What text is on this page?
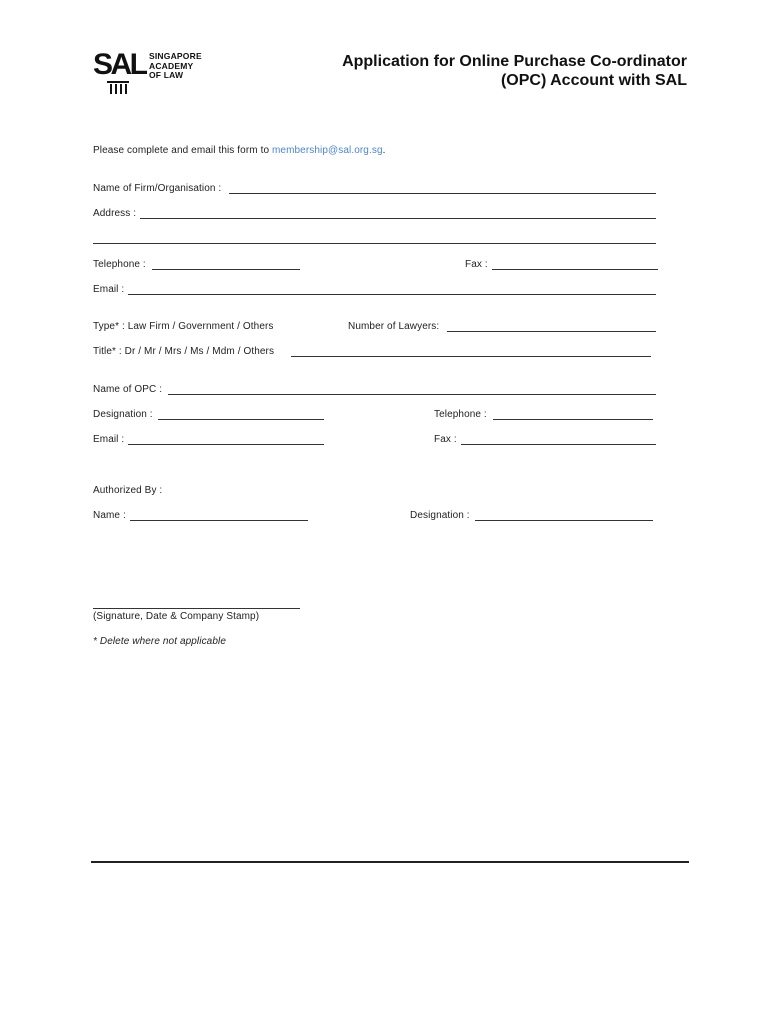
SAL SINGAPORE
ACADEMY
OF LAW
Application for Online Purchase Co-ordinator
(OPC) Account with SAL
Please complete and email this form to membership@sal.org.sg.
Name of Firm/Organisation :
Address :
Telephone :	Fax :
Email :
Type* : Law Firm / Government / Others	Number of Lawyers:
Title* : Dr / Mr / Mrs / Ms / Mdm / Others
Name of OPC :
Designation :	Telephone :
Email :	Fax :
Authorized By :
Name :	Designation :
(Signature, Date & Company Stamp)
* Delete where not applicable
